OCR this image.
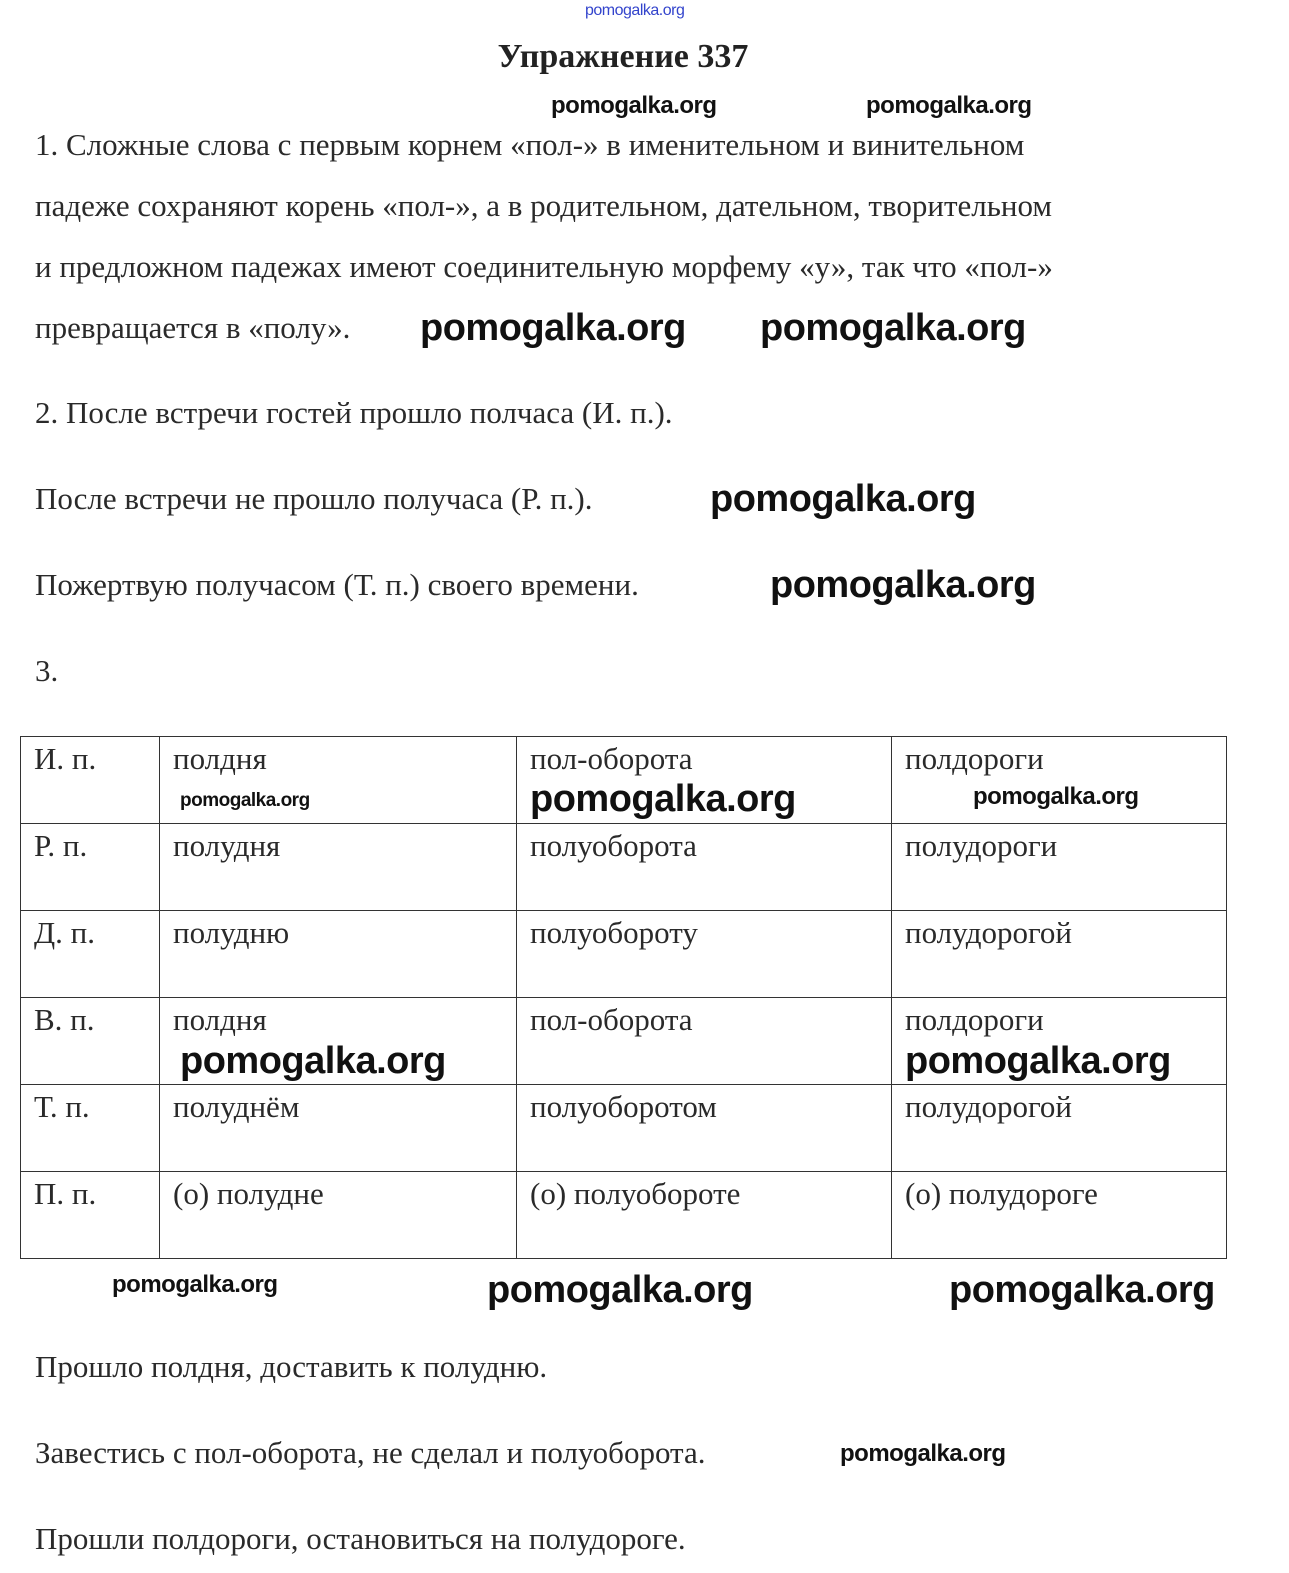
pomogalka.org
Упражнение 337
1. Сложные слова с первым корнем «пол-» в именительном и винительном
падеже сохраняют корень «пол-», а в родительном, дательном, творительном
и предложном падежах имеют соединительную морфему «у», так что «пол-»
превращается в «полу».
2. После встречи гостей прошло полчаса (И. п.).
После встречи не прошло получаса (Р. п.).
Пожертвую получасом (Т. п.) своего времени.
3.
И. п.	полдня	пол-оборота	полдороги
Р. п.	полудня	полуоборота	полудороги
Д. п.	полудню	полуобороту	полудорогой
В. п.	полдня	пол-оборота	полдороги
Т. п.	полуднём	полуоборотом	полудорогой
П. п.	(о) полудне	(о) полуобороте	(о) полудороге
Прошло полдня, доставить к полудню.
Завестись с пол-оборота, не сделал и полуоборота.
Прошли полдороги, остановиться на полудороге.
pomogalka.org	pomogalka.org
pomogalka.org pomogalka.org
pomogalka.org
pomogalka.org
pomogalka.org	pomogalka.org
pomogalka.org
pomogalka.org	pomogalka.org
pomogalka.org	pomogalka.org	pomogalka.org
pomogalka.org
